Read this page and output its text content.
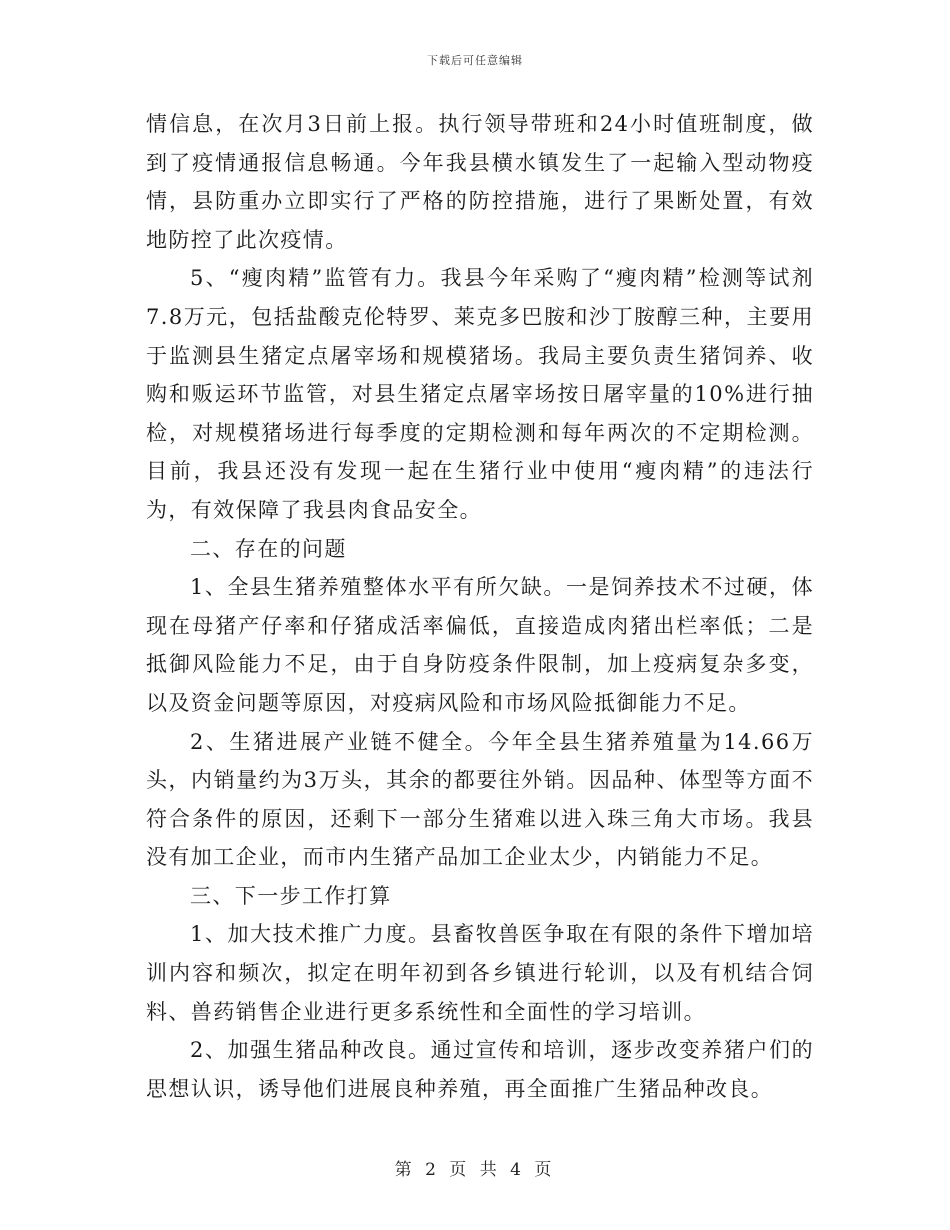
下载后可任意编辑

情信息，在次月3日前上报。执行领导带班和24小时值班制度，做到了疫情通报信息畅通。今年我县横水镇发生了一起输入型动物疫情，县防重办立即实行了严格的防控措施，进行了果断处置，有效地防控了此次疫情。

5、“瘦肉精”监管有力。我县今年采购了“瘦肉精”检测等试剂7.8万元，包括盐酸克伦特罗、莱克多巴胺和沙丁胺醇三种，主要用于监测县生猪定点屠宰场和规模猪场。我局主要负责生猪饲养、收购和贩运环节监管，对县生猪定点屠宰场按日屠宰量的10%进行抽检，对规模猪场进行每季度的定期检测和每年两次的不定期检测。目前，我县还没有发现一起在生猪行业中使用“瘦肉精”的违法行为，有效保障了我县肉食品安全。

二、存在的问题

1、全县生猪养殖整体水平有所欠缺。一是饲养技术不过硬，体现在母猪产仔率和仔猪成活率偏低，直接造成肉猪出栏率低；二是抵御风险能力不足，由于自身防疫条件限制，加上疫病复杂多变，以及资金问题等原因，对疫病风险和市场风险抵御能力不足。

2、生猪进展产业链不健全。今年全县生猪养殖量为14.66万头，内销量约为3万头，其余的都要往外销。因品种、体型等方面不符合条件的原因，还剩下一部分生猪难以进入珠三角大市场。我县没有加工企业，而市内生猪产品加工企业太少，内销能力不足。

三、下一步工作打算

1、加大技术推广力度。县畜牧兽医争取在有限的条件下增加培训内容和频次，拟定在明年初到各乡镇进行轮训，以及有机结合饲料、兽药销售企业进行更多系统性和全面性的学习培训。

2、加强生猪品种改良。通过宣传和培训，逐步改变养猪户们的思想认识，诱导他们进展良种养殖，再全面推广生猪品种改良。

第 2 页 共 4 页
